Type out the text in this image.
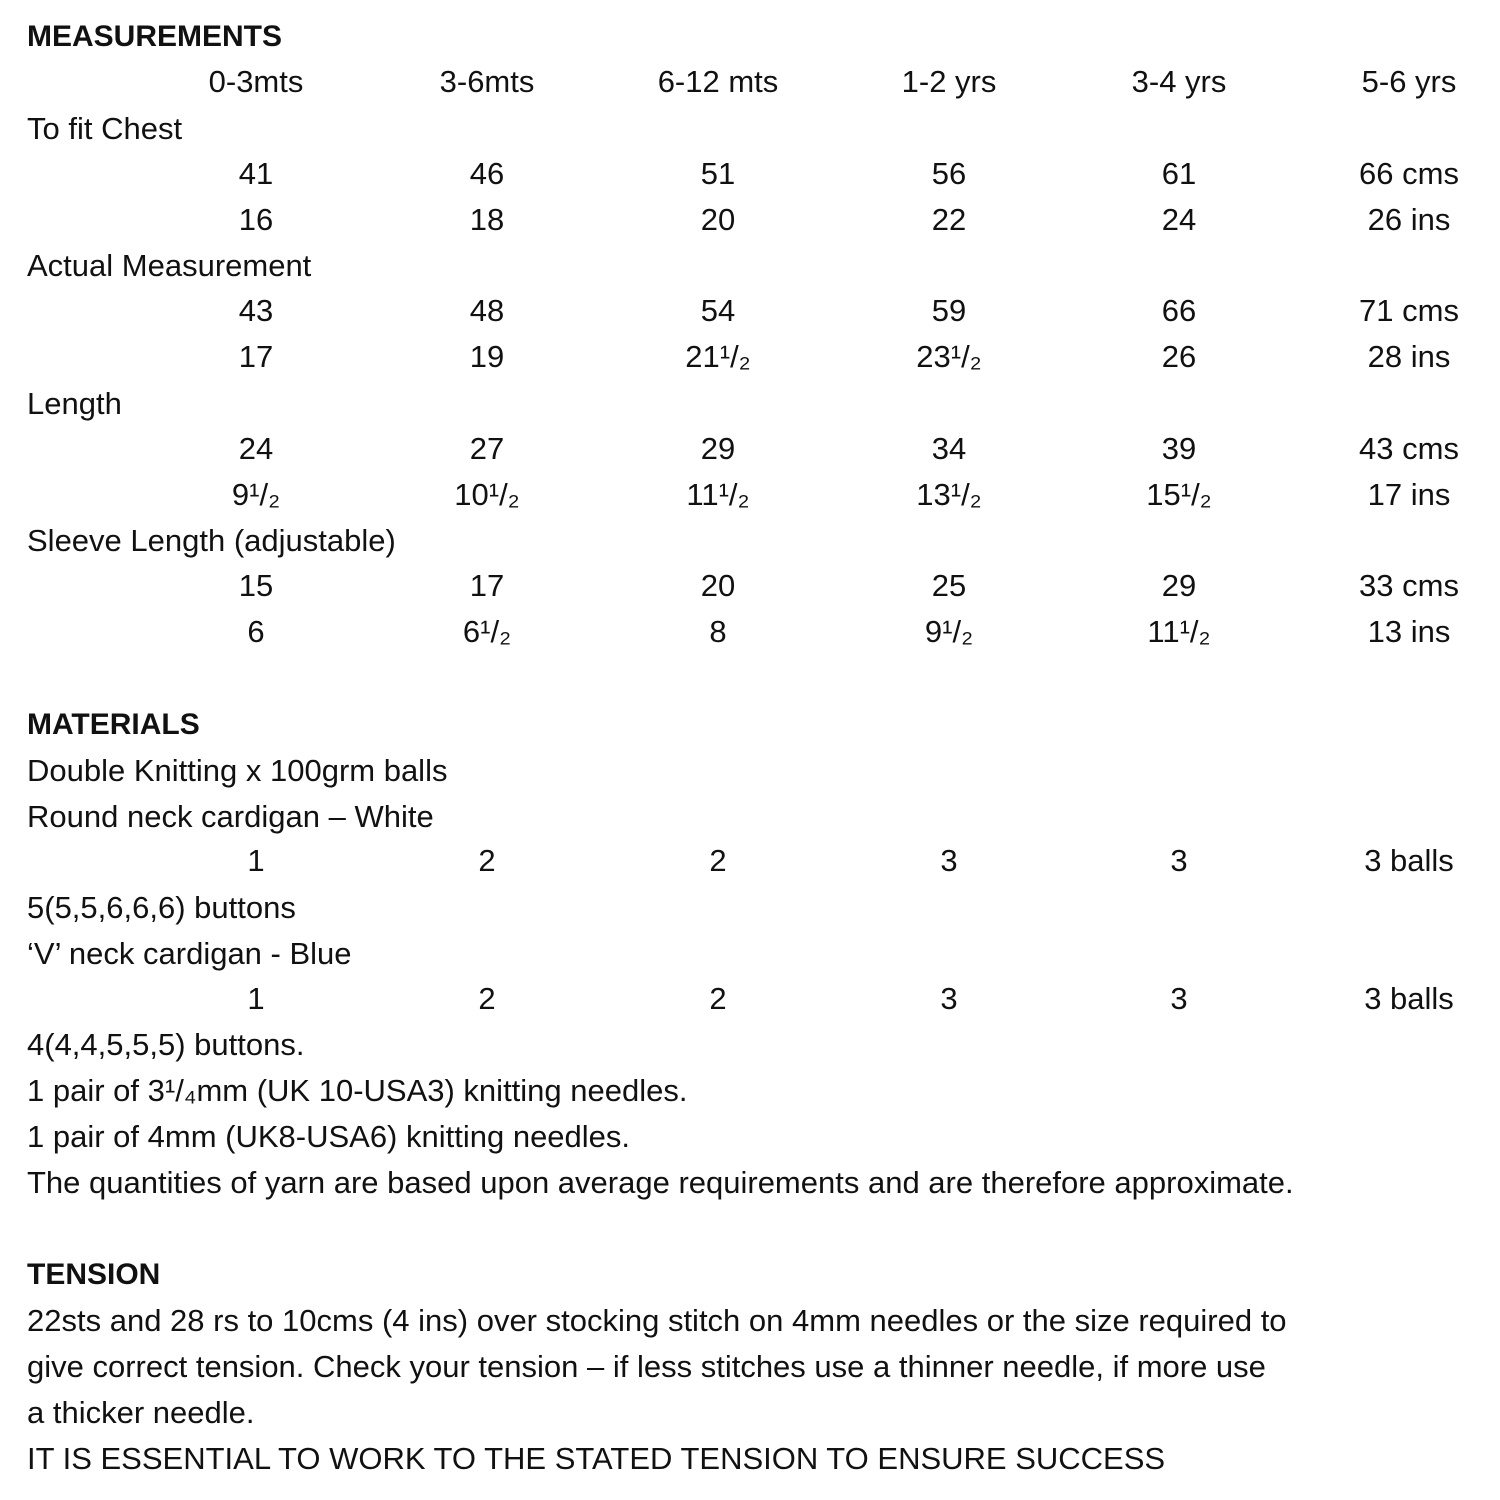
MEASUREMENTS
0-3mts	3-6mts	6-12 mts	1-2 yrs	3-4 yrs	5-6 yrs
To fit Chest
41	46	51	56	61	66 cms
16	18	20	22	24	26 ins
Actual Measurement
43	48	54	59	66	71 cms
17	19	21¹/₂	23¹/₂	26	28 ins
Length
24	27	29	34	39	43 cms
9¹/₂	10¹/₂	11¹/₂	13¹/₂	15¹/₂	17 ins
Sleeve Length (adjustable)
15	17	20	25	29	33 cms
6	6¹/₂	8	9¹/₂	11¹/₂	13 ins
MATERIALS
Double Knitting x 100grm balls
Round neck cardigan – White
1	2	2	3	3	3 balls
5(5,5,6,6,6) buttons
‘V’ neck cardigan - Blue
1	2	2	3	3	3 balls
4(4,4,5,5,5) buttons.
1 pair of 3¹/₄mm (UK 10-USA3) knitting needles.
1 pair of 4mm (UK8-USA6) knitting needles.
The quantities of yarn are based upon average requirements and are therefore approximate.
TENSION
22sts and 28 rs to 10cms (4 ins) over stocking stitch on 4mm needles or the size required to
give correct tension. Check your tension – if less stitches use a thinner needle, if more use
a thicker needle.
IT IS ESSENTIAL TO WORK TO THE STATED TENSION TO ENSURE SUCCESS
